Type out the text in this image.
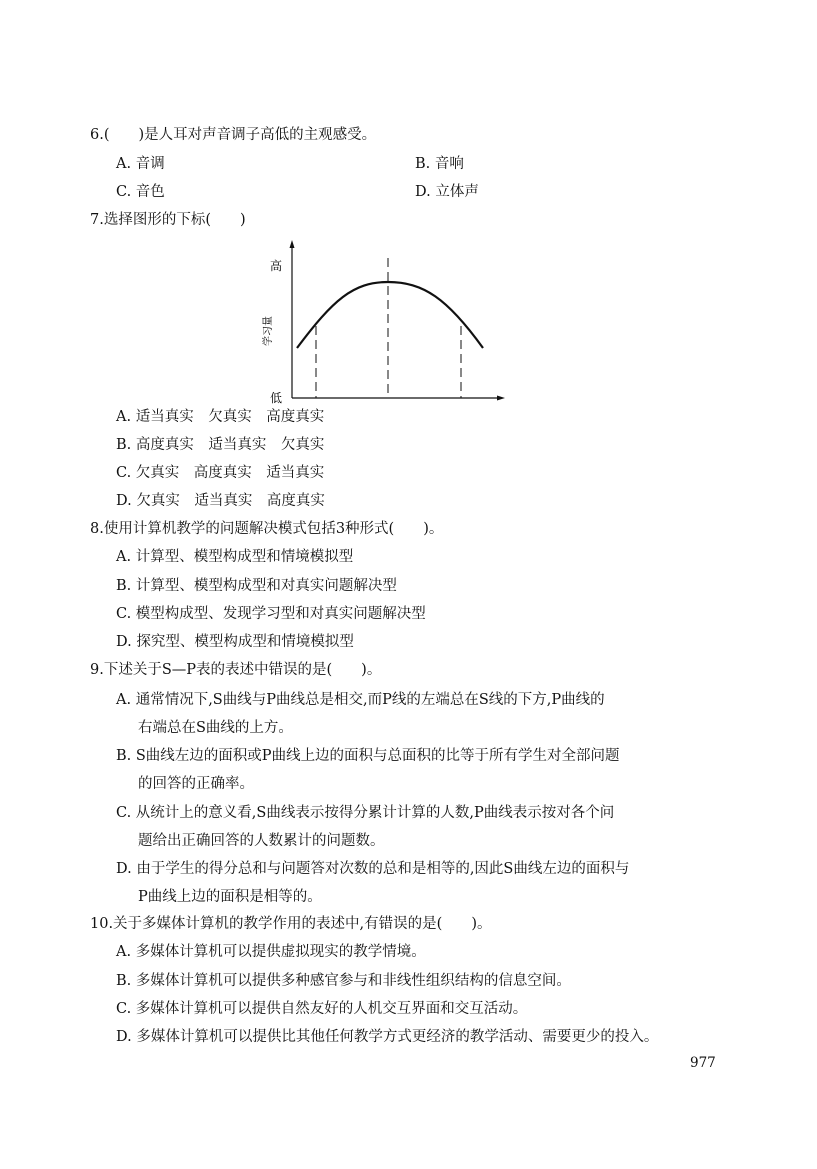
6.(　　)是人耳对声音调子高低的主观感受。
A. 音调	B. 音响
C. 音色	D. 立体声
7.选择图形的下标(　　)
高
低
学习量
A. 适当真实　欠真实　高度真实
B. 高度真实　适当真实　欠真实
C. 欠真实　高度真实　适当真实
D. 欠真实　适当真实　高度真实
8.使用计算机教学的问题解决模式包括3种形式(　　)。
A. 计算型、模型构成型和情境模拟型
B. 计算型、模型构成型和对真实问题解决型
C. 模型构成型、发现学习型和对真实问题解决型
D. 探究型、模型构成型和情境模拟型
9.下述关于S—P表的表述中错误的是(　　)。
A. 通常情况下,S曲线与P曲线总是相交,而P线的左端总在S线的下方,P曲线的
右端总在S曲线的上方。
B. S曲线左边的面积或P曲线上边的面积与总面积的比等于所有学生对全部问题
的回答的正确率。
C. 从统计上的意义看,S曲线表示按得分累计计算的人数,P曲线表示按对各个问
题给出正确回答的人数累计的问题数。
D. 由于学生的得分总和与问题答对次数的总和是相等的,因此S曲线左边的面积与
P曲线上边的面积是相等的。
10.关于多媒体计算机的教学作用的表述中,有错误的是(　　)。
A. 多媒体计算机可以提供虚拟现实的教学情境。
B. 多媒体计算机可以提供多种感官参与和非线性组织结构的信息空间。
C. 多媒体计算机可以提供自然友好的人机交互界面和交互活动。
D. 多媒体计算机可以提供比其他任何教学方式更经济的教学活动、需要更少的投入。
977
